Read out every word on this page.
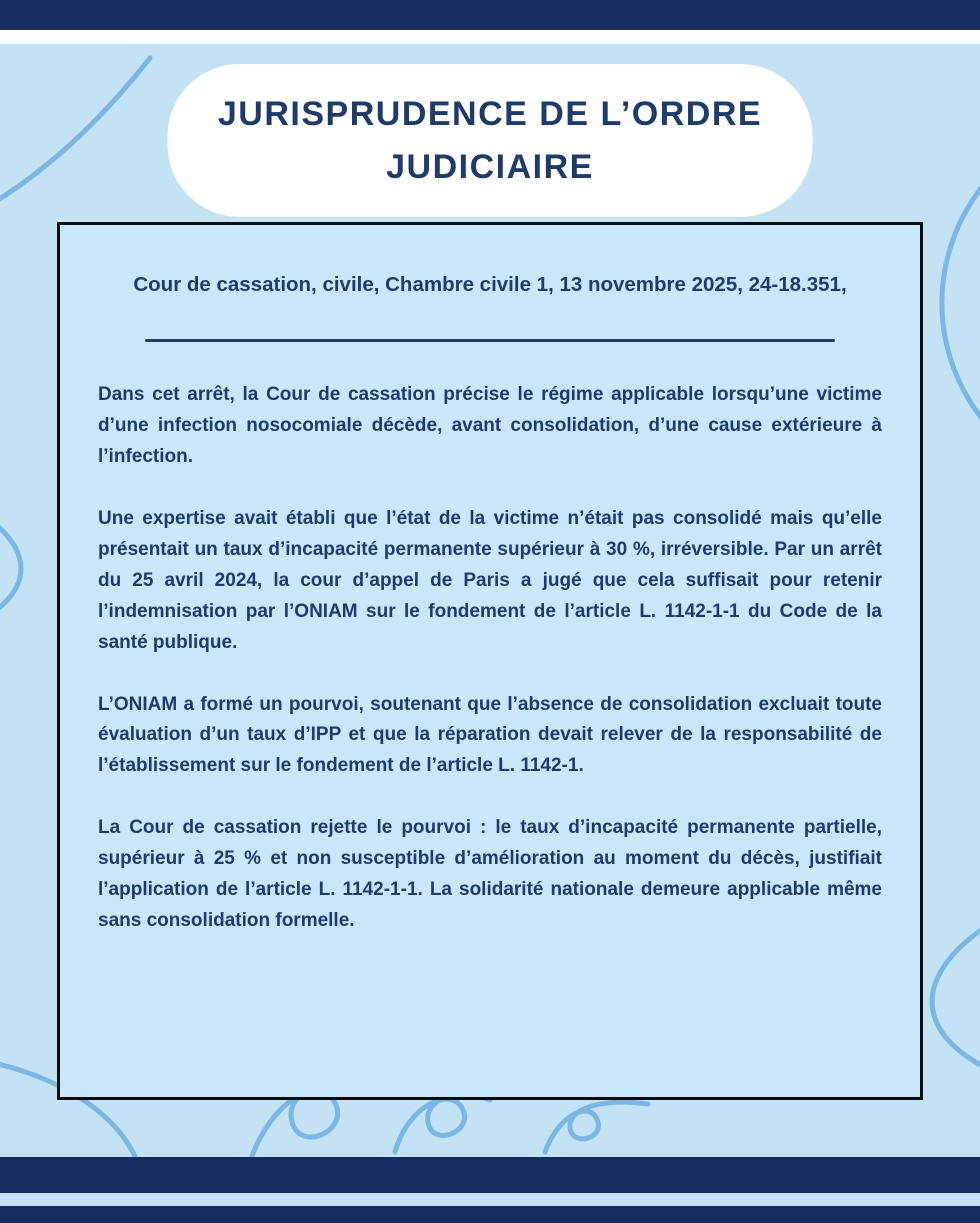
JURISPRUDENCE DE L’ORDRE JUDICIAIRE
Cour de cassation, civile, Chambre civile 1, 13 novembre 2025, 24-18.351,

Dans cet arrêt, la Cour de cassation précise le régime applicable lorsqu’une victime d’une infection nosocomiale décède, avant consolidation, d’une cause extérieure à l’infection.

Une expertise avait établi que l’état de la victime n’était pas consolidé mais qu’elle présentait un taux d’incapacité permanente supérieur à 30 %, irréversible. Par un arrêt du 25 avril 2024, la cour d’appel de Paris a jugé que cela suffisait pour retenir l’indemnisation par l’ONIAM sur le fondement de l’article L. 1142-1-1 du Code de la santé publique.

L’ONIAM a formé un pourvoi, soutenant que l’absence de consolidation excluait toute évaluation d’un taux d’IPP et que la réparation devait relever de la responsabilité de l’établissement sur le fondement de l’article L. 1142-1.

La Cour de cassation rejette le pourvoi : le taux d’incapacité permanente partielle, supérieur à 25 % et non susceptible d’amélioration au moment du décès, justifiait l’application de l’article L. 1142-1-1. La solidarité nationale demeure applicable même sans consolidation formelle.
